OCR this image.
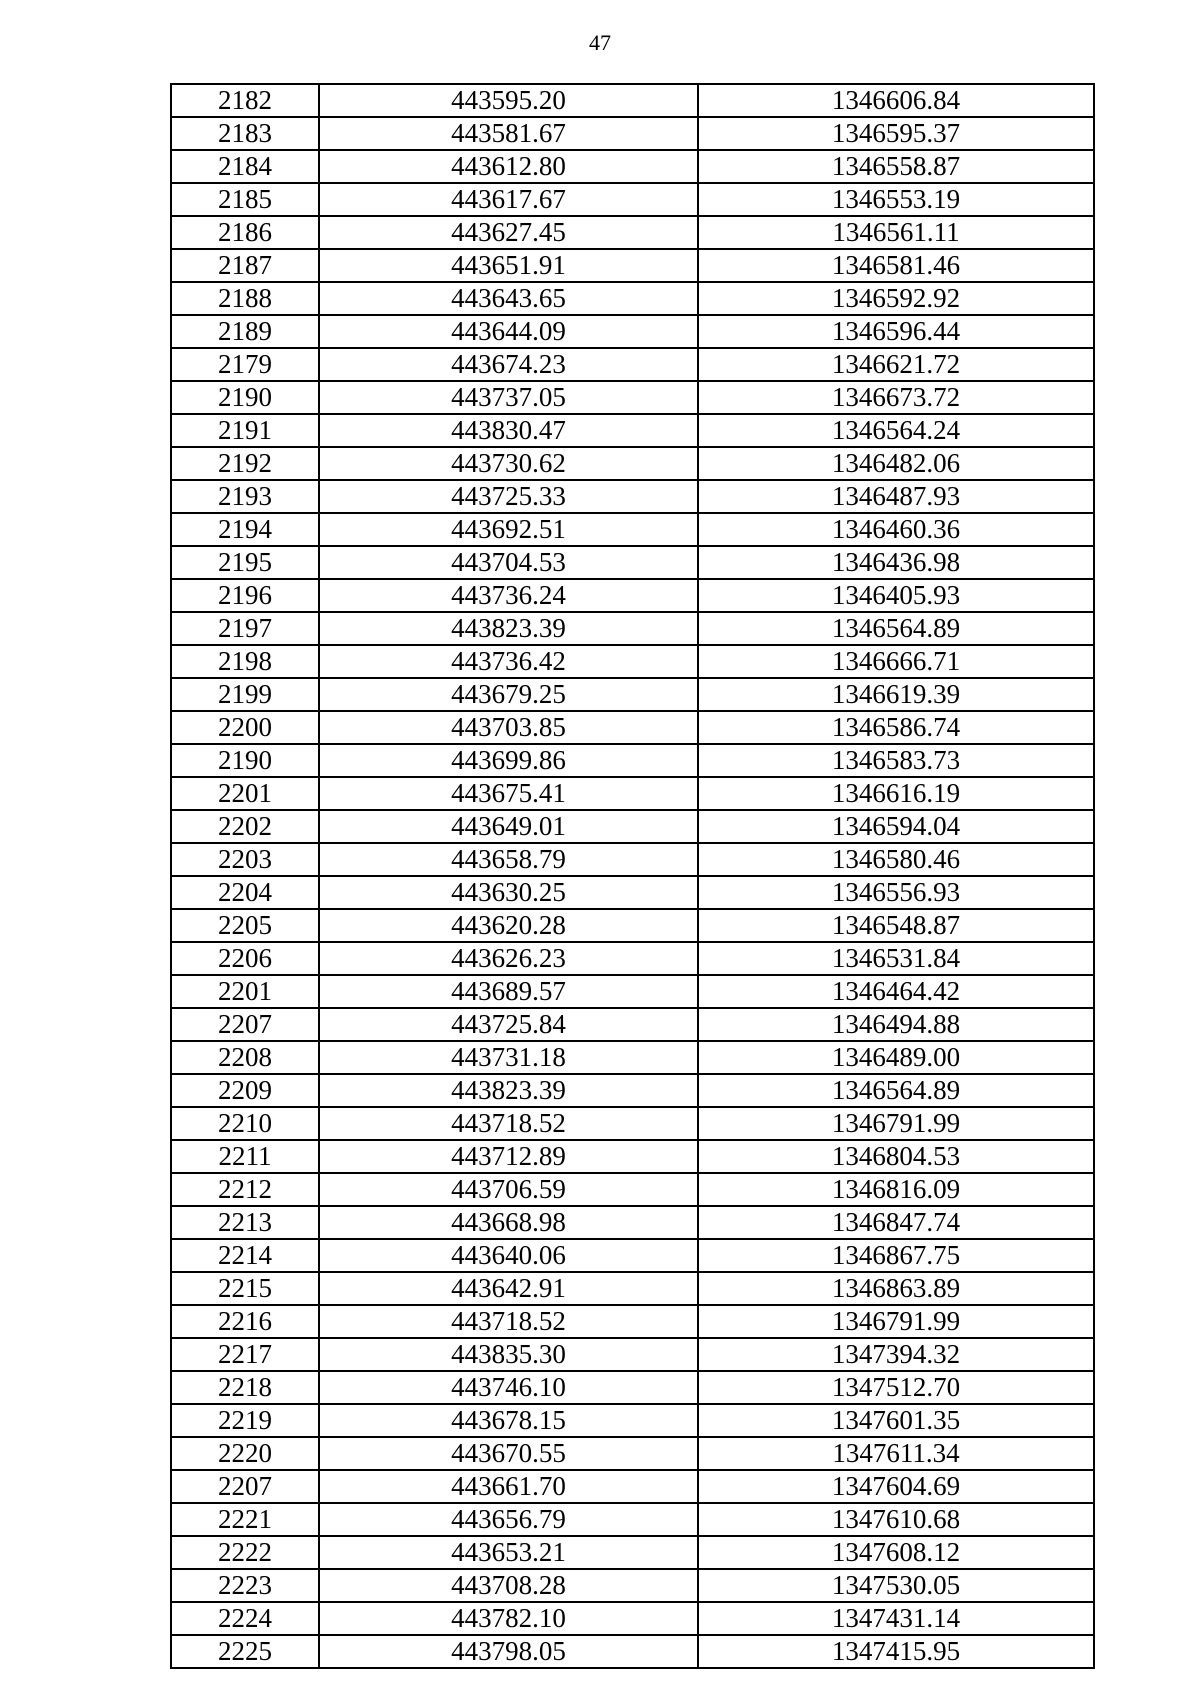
47
2182	443595.20	1346606.84
2183	443581.67	1346595.37
2184	443612.80	1346558.87
2185	443617.67	1346553.19
2186	443627.45	1346561.11
2187	443651.91	1346581.46
2188	443643.65	1346592.92
2189	443644.09	1346596.44
2179	443674.23	1346621.72
2190	443737.05	1346673.72
2191	443830.47	1346564.24
2192	443730.62	1346482.06
2193	443725.33	1346487.93
2194	443692.51	1346460.36
2195	443704.53	1346436.98
2196	443736.24	1346405.93
2197	443823.39	1346564.89
2198	443736.42	1346666.71
2199	443679.25	1346619.39
2200	443703.85	1346586.74
2190	443699.86	1346583.73
2201	443675.41	1346616.19
2202	443649.01	1346594.04
2203	443658.79	1346580.46
2204	443630.25	1346556.93
2205	443620.28	1346548.87
2206	443626.23	1346531.84
2201	443689.57	1346464.42
2207	443725.84	1346494.88
2208	443731.18	1346489.00
2209	443823.39	1346564.89
2210	443718.52	1346791.99
2211	443712.89	1346804.53
2212	443706.59	1346816.09
2213	443668.98	1346847.74
2214	443640.06	1346867.75
2215	443642.91	1346863.89
2216	443718.52	1346791.99
2217	443835.30	1347394.32
2218	443746.10	1347512.70
2219	443678.15	1347601.35
2220	443670.55	1347611.34
2207	443661.70	1347604.69
2221	443656.79	1347610.68
2222	443653.21	1347608.12
2223	443708.28	1347530.05
2224	443782.10	1347431.14
2225	443798.05	1347415.95
